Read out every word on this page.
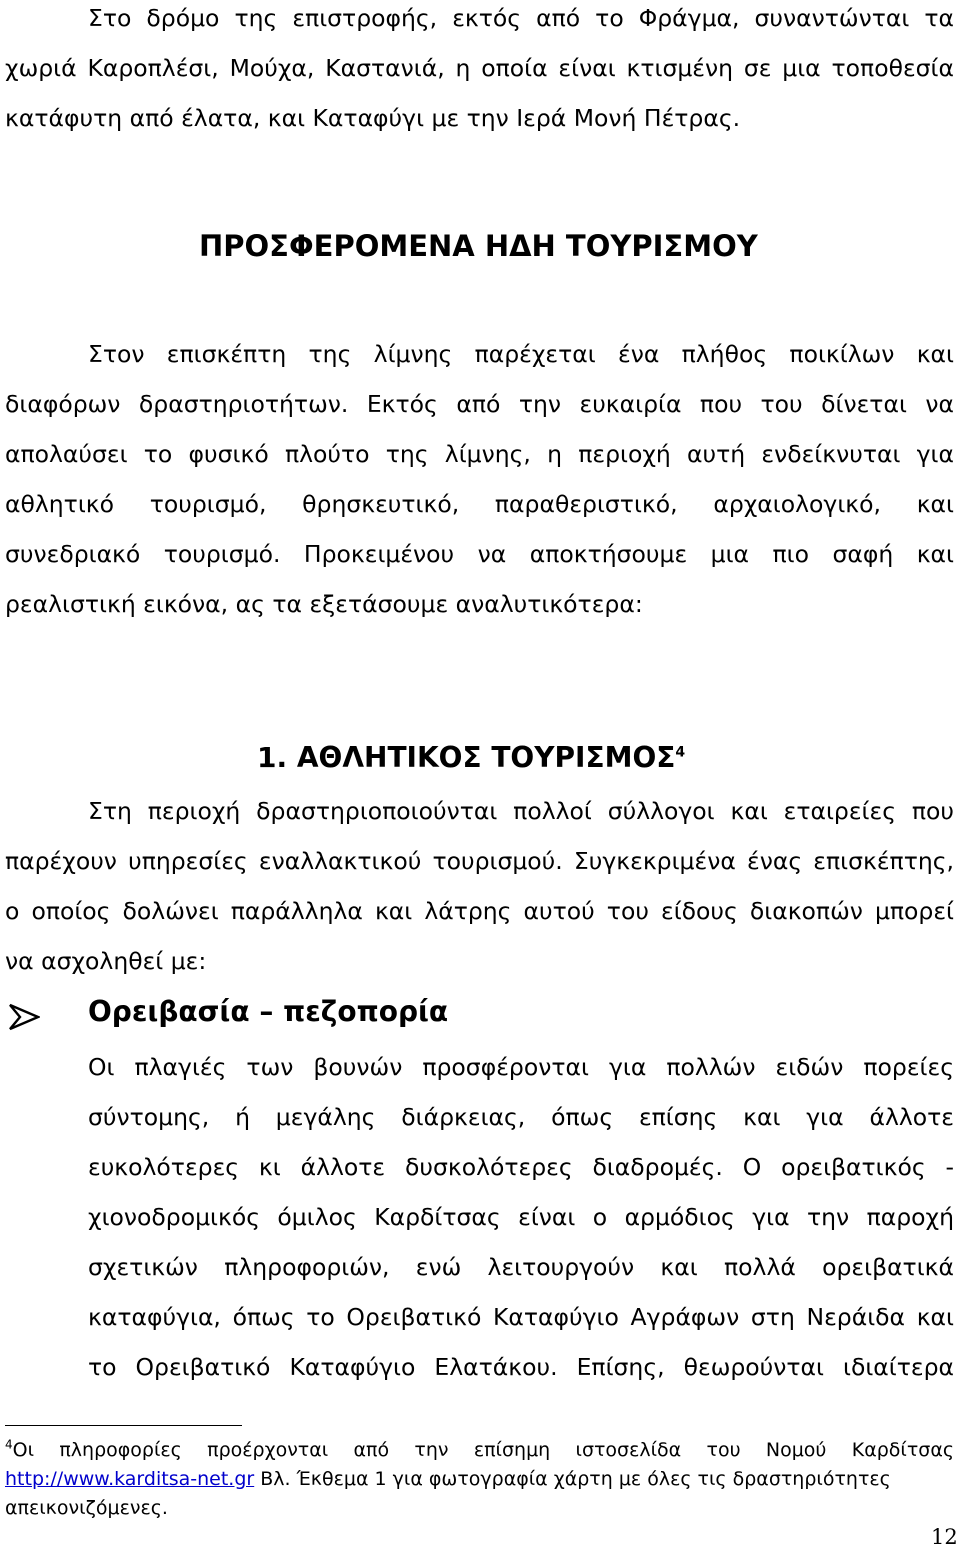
Στο δρόμο της επιστροφής, εκτός από το Φράγμα, συναντώνται τα
χωριά Καροπλέσι, Μούχα, Καστανιά, η οποία είναι κτισμένη σε μια τοποθεσία
κατάφυτη από έλατα, και Καταφύγι με την Ιερά Μονή Πέτρας.
ΠΡΟΣΦΕΡΟΜΕΝΑ ΗΔΗ ΤΟΥΡΙΣΜΟΥ
Στον επισκέπτη της λίμνης παρέχεται ένα πλήθος ποικίλων και
διαφόρων δραστηριοτήτων. Εκτός από την ευκαιρία που του δίνεται να
απολαύσει το φυσικό πλούτο της λίμνης, η περιοχή αυτή ενδείκνυται για
αθλητικό τουρισμό, θρησκευτικό, παραθεριστικό, αρχαιολογικό, και
συνεδριακό τουρισμό. Προκειμένου να αποκτήσουμε μια πιο σαφή και
ρεαλιστική εικόνα, ας τα εξετάσουμε αναλυτικότερα:
1. ΑΘΛΗΤΙΚΟΣ ΤΟΥΡΙΣΜΟΣ$^4$
Στη περιοχή δραστηριοποιούνται πολλοί σύλλογοι και εταιρείες που
παρέχουν υπηρεσίες εναλλακτικού τουρισμού. Συγκεκριμένα ένας επισκέπτης,
ο οποίος δολώνει παράλληλα και λάτρης αυτού του είδους διακοπών μπορεί
να ασχοληθεί με:
Ορειβασία – πεζοπορία
Οι πλαγιές των βουνών προσφέρονται για πολλών ειδών πορείες
σύντομης, ή μεγάλης διάρκειας, όπως επίσης και για άλλοτε
ευκολότερες κι άλλοτε δυσκολότερες διαδρομές. Ο ορειβατικός -
χιονοδρομικός όμιλος Καρδίτσας είναι ο αρμόδιος για την παροχή
σχετικών πληροφοριών, ενώ λειτουργούν και πολλά ορειβατικά
καταφύγια, όπως το Ορειβατικό Καταφύγιο Αγράφων στη Νεράιδα και
το Ορειβατικό Καταφύγιο Ελατάκου. Επίσης, θεωρούνται ιδιαίτερα
$^4$Οι πληροφορίες προέρχονται από την επίσημη ιστοσελίδα του Νομού Καρδίτσας
http://www.karditsa-net.gr Βλ. Έκθεμα 1 για φωτογραφία χάρτη με όλες τις δραστηριότητες
απεικονιζόμενες.
12
